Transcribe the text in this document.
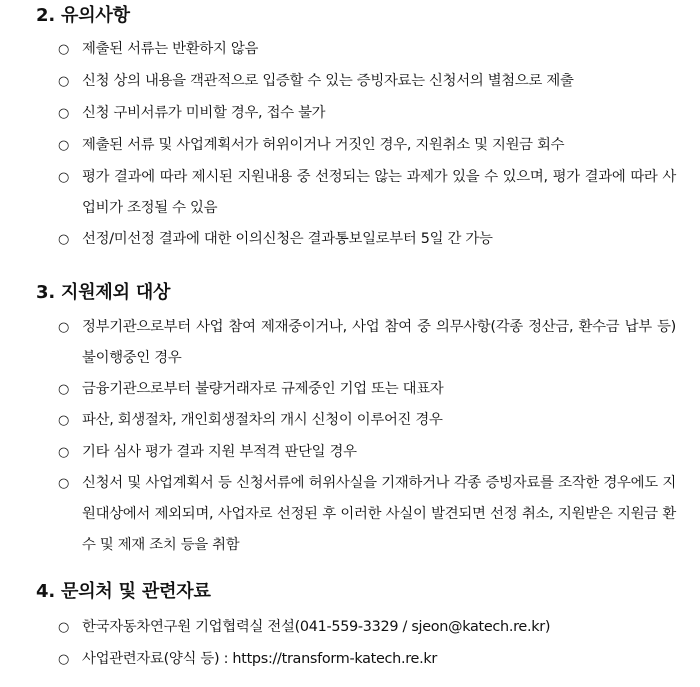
2. 유의사항
○ 제출된 서류는 반환하지 않음
○ 신청 상의 내용을 객관적으로 입증할 수 있는 증빙자료는 신청서의 별첨으로 제출
○ 신청 구비서류가 미비할 경우, 접수 불가
○ 제출된 서류 및 사업계획서가 허위이거나 거짓인 경우, 지원취소 및 지원금 회수
○ 평가 결과에 따라 제시된 지원내용 중 선정되는 않는 과제가 있을 수 있으며, 평가 결과에 따라 사업비가 조정될 수 있음
○ 선정/미선정 결과에 대한 이의신청은 결과통보일로부터 5일 간 가능
3. 지원제외 대상
○ 정부기관으로부터 사업 참여 제재중이거나, 사업 참여 중 의무사항(각종 정산금, 환수금 납부 등) 불이행중인 경우
○ 금융기관으로부터 불량거래자로 규제중인 기업 또는 대표자
○ 파산, 회생절차, 개인회생절차의 개시 신청이 이루어진 경우
○ 기타 심사 평가 결과 지원 부적격 판단일 경우
○ 신청서 및 사업계획서 등 신청서류에 허위사실을 기재하거나 각종 증빙자료를 조작한 경우에도 지원대상에서 제외되며, 사업자로 선정된 후 이러한 사실이 발견되면 선정 취소, 지원받은 지원금 환수 및 제재 조치 등을 취함
4. 문의처 및 관련자료
○ 한국자동차연구원 기업협력실 전설(041-559-3329 / sjeon@katech.re.kr)
○ 사업관련자료(양식 등) : https://transform-katech.re.kr
